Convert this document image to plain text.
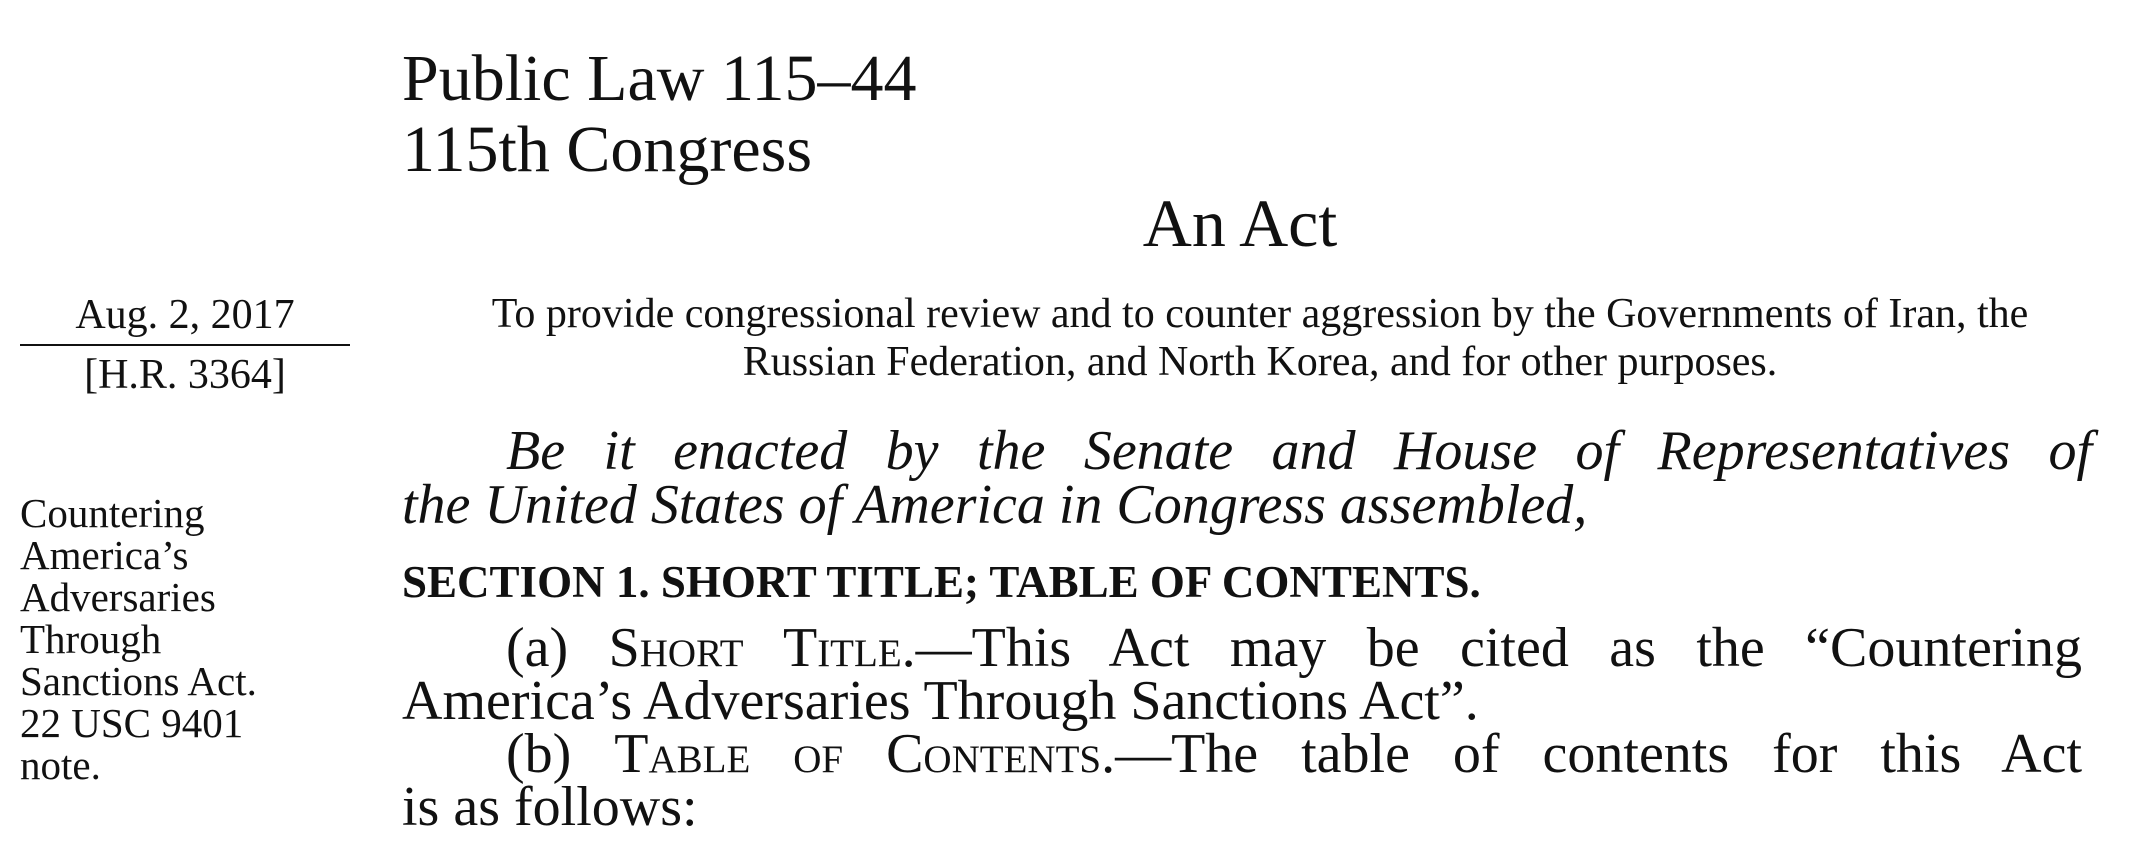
Public Law 115–44
115th Congress
An Act
Aug. 2, 2017
[H.R. 3364]
To provide congressional review and to counter aggression by the Governments of Iran, the Russian Federation, and North Korea, and for other purposes.
Countering
America’s
Adversaries
Through
Sanctions Act.
22 USC 9401
note.
Be it enacted by the Senate and House of Representatives of
the United States of America in Congress assembled,
SECTION 1. SHORT TITLE; TABLE OF CONTENTS.
(a) Short Title.—This Act may be cited as the “Countering
America’s Adversaries Through Sanctions Act”.
(b) Table of Contents.—The table of contents for this Act
is as follows:
